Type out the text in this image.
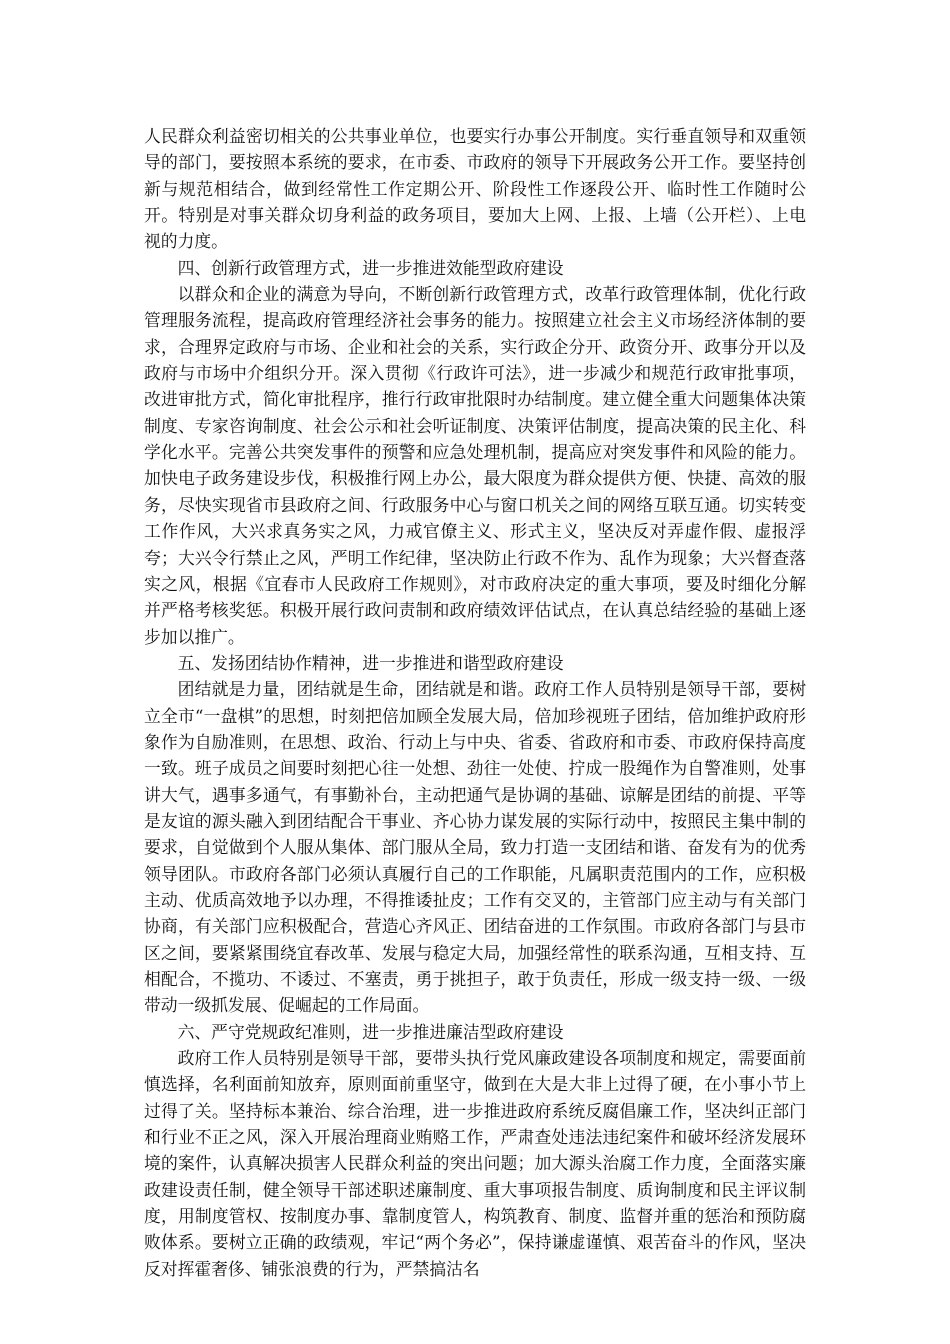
人民群众利益密切相关的公共事业单位，也要实行办事公开制度。实行垂直领导和双重领导的部门，要按照本系统的要求，在市委、市政府的领导下开展政务公开工作。要坚持创新与规范相结合，做到经常性工作定期公开、阶段性工作逐段公开、临时性工作随时公开。特别是对事关群众切身利益的政务项目，要加大上网、上报、上墙（公开栏）、上电视的力度。

四、创新行政管理方式，进一步推进效能型政府建设

以群众和企业的满意为导向，不断创新行政管理方式，改革行政管理体制，优化行政管理服务流程，提高政府管理经济社会事务的能力。按照建立社会主义市场经济体制的要求，合理界定政府与市场、企业和社会的关系，实行政企分开、政资分开、政事分开以及政府与市场中介组织分开。深入贯彻《行政许可法》，进一步减少和规范行政审批事项，改进审批方式，简化审批程序，推行行政审批限时办结制度。建立健全重大问题集体决策制度、专家咨询制度、社会公示和社会听证制度、决策评估制度，提高决策的民主化、科学化水平。完善公共突发事件的预警和应急处理机制，提高应对突发事件和风险的能力。加快电子政务建设步伐，积极推行网上办公，最大限度为群众提供方便、快捷、高效的服务，尽快实现省市县政府之间、行政服务中心与窗口机关之间的网络互联互通。切实转变工作作风，大兴求真务实之风，力戒官僚主义、形式主义，坚决反对弄虚作假、虚报浮夸；大兴令行禁止之风，严明工作纪律，坚决防止行政不作为、乱作为现象；大兴督查落实之风，根据《宜春市人民政府工作规则》，对市政府决定的重大事项，要及时细化分解并严格考核奖惩。积极开展行政问责制和政府绩效评估试点，在认真总结经验的基础上逐步加以推广。

五、发扬团结协作精神，进一步推进和谐型政府建设

团结就是力量，团结就是生命，团结就是和谐。政府工作人员特别是领导干部，要树立全市“一盘棋”的思想，时刻把倍加顾全发展大局，倍加珍视班子团结，倍加维护政府形象作为自励准则，在思想、政治、行动上与中央、省委、省政府和市委、市政府保持高度一致。班子成员之间要时刻把心往一处想、劲往一处使、拧成一股绳作为自警准则，处事讲大气，遇事多通气，有事勤补台，主动把通气是协调的基础、谅解是团结的前提、平等是友谊的源头融入到团结配合干事业、齐心协力谋发展的实际行动中，按照民主集中制的要求，自觉做到个人服从集体、部门服从全局，致力打造一支团结和谐、奋发有为的优秀领导团队。市政府各部门必须认真履行自己的工作职能，凡属职责范围内的工作，应积极主动、优质高效地予以办理，不得推诿扯皮；工作有交叉的，主管部门应主动与有关部门协商，有关部门应积极配合，营造心齐风正、团结奋进的工作氛围。市政府各部门与县市区之间，要紧紧围绕宜春改革、发展与稳定大局，加强经常性的联系沟通，互相支持、互相配合，不揽功、不诿过、不塞责，勇于挑担子，敢于负责任，形成一级支持一级、一级带动一级抓发展、促崛起的工作局面。

六、严守党规政纪准则，进一步推进廉洁型政府建设

政府工作人员特别是领导干部，要带头执行党风廉政建设各项制度和规定，需要面前慎选择，名利面前知放弃，原则面前重坚守，做到在大是大非上过得了硬，在小事小节上过得了关。坚持标本兼治、综合治理，进一步推进政府系统反腐倡廉工作，坚决纠正部门和行业不正之风，深入开展治理商业贿赂工作，严肃查处违法违纪案件和破坏经济发展环境的案件，认真解决损害人民群众利益的突出问题；加大源头治腐工作力度，全面落实廉政建设责任制，健全领导干部述职述廉制度、重大事项报告制度、质询制度和民主评议制度，用制度管权、按制度办事、靠制度管人，构筑教育、制度、监督并重的惩治和预防腐败体系。要树立正确的政绩观，牢记“两个务必”，保持谦虚谨慎、艰苦奋斗的作风，坚决反对挥霍奢侈、铺张浪费的行为，严禁搞沽名
